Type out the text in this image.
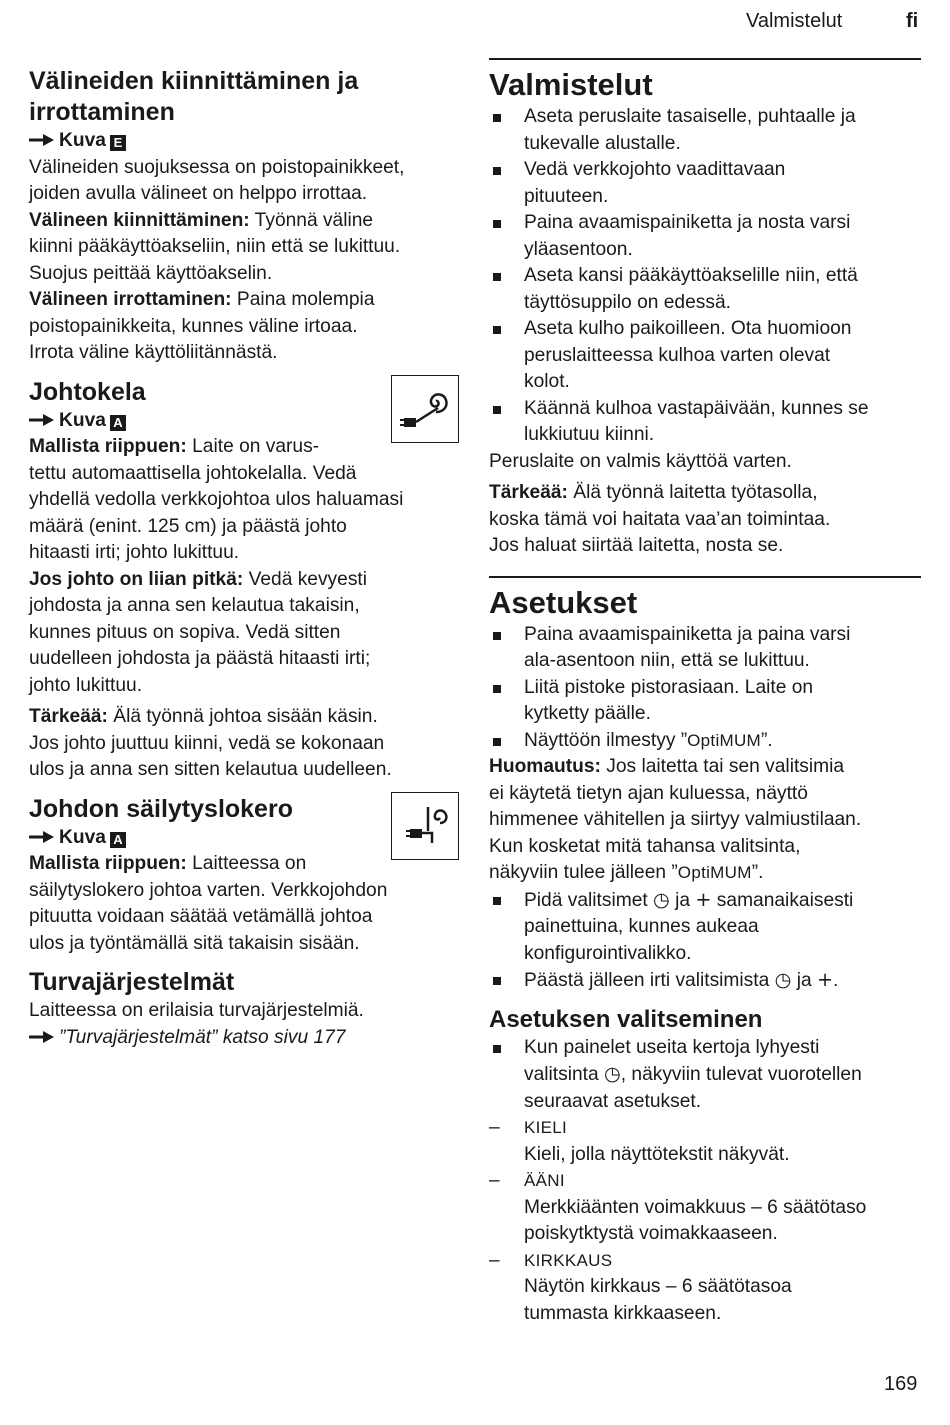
Valmistelut	fi

Välineiden kiinnittäminen ja
irrottaminen

Kuva E

Välineiden suojuksessa on poistopainikkeet,
joiden avulla välineet on helppo irrottaa.

Välineen kiinnittäminen: Työnnä väline
kiinni pääkäyttöakseliin, niin että se lukittuu.
Suojus peittää käyttöakselin.

Välineen irrottaminen: Paina molempia
poistopainikkeita, kunnes väline irtoaa.
Irrota väline käyttöliitännästä.

Johtokela

Kuva A

Mallista riippuen: Laite on varus-
tettu automaattisella johtokelalla. Vedä
yhdellä vedolla verkkojohtoa ulos haluamasi
määrä (enint. 125 cm) ja päästä johto
hitaasti irti; johto lukittuu.

Jos johto on liian pitkä: Vedä kevyesti
johdosta ja anna sen kelautua takaisin,
kunnes pituus on sopiva. Vedä sitten
uudelleen johdosta ja päästä hitaasti irti;
johto lukittuu.

Tärkeää: Älä työnnä johtoa sisään käsin.
Jos johto juuttuu kiinni, vedä se kokonaan
ulos ja anna sen sitten kelautua uudelleen.

Johdon säilytyslokero

Kuva A

Mallista riippuen: Laitteessa on
säilytyslokero johtoa varten. Verkkojohdon
pituutta voidaan säätää vetämällä johtoa
ulos ja työntämällä sitä takaisin sisään.

Turvajärjestelmät

Laitteessa on erilaisia turvajärjestelmiä.

”Turvajärjestelmät” katso sivu 177

Valmistelut

Aseta peruslaite tasaiselle, puhtaalle ja
tukevalle alustalle.
Vedä verkkojohto vaadittavaan
pituuteen.
Paina avaamispainiketta ja nosta varsi
yläasentoon.
Aseta kansi pääkäyttöakselille niin, että
täyttösuppilo on edessä.
Aseta kulho paikoilleen. Ota huomioon
peruslaitteessa kulhoa varten olevat
kolot.
Käännä kulhoa vastapäivään, kunnes se
lukkiutuu kiinni.

Peruslaite on valmis käyttöä varten.

Tärkeää: Älä työnnä laitetta työtasolla,
koska tämä voi haitata vaa’an toimintaa.
Jos haluat siirtää laitetta, nosta se.

Asetukset

Paina avaamispainiketta ja paina varsi
ala-asentoon niin, että se lukittuu.
Liitä pistoke pistorasiaan. Laite on
kytketty päälle.
Näyttöön ilmestyy ”OptiMUM”.

Huomautus: Jos laitetta tai sen valitsimia
ei käytetä tietyn ajan kuluessa, näyttö
himmenee vähitellen ja siirtyy valmiustilaan.
Kun kosketat mitä tahansa valitsinta,
näkyviin tulee jälleen ”OptiMUM”.

Pidä valitsimet ◷ ja + samanaikaisesti
painettuina, kunnes aukeaa
konfigurointivalikko.
Päästä jälleen irti valitsimista ◷ ja +.

Asetuksen valitseminen

Kun painelet useita kertoja lyhyesti
valitsinta ◷, näkyviin tulevat vuorotellen
seuraavat asetukset.
– KIELI
Kieli, jolla näyttötekstit näkyvät.
– ÄÄNI
Merkkiäänten voimakkuus – 6 säätötaso
poiskytktystä voimakkaaseen.
– KIRKKAUS
Näytön kirkkaus – 6 säätötasoa
tummasta kirkkaaseen.
169
